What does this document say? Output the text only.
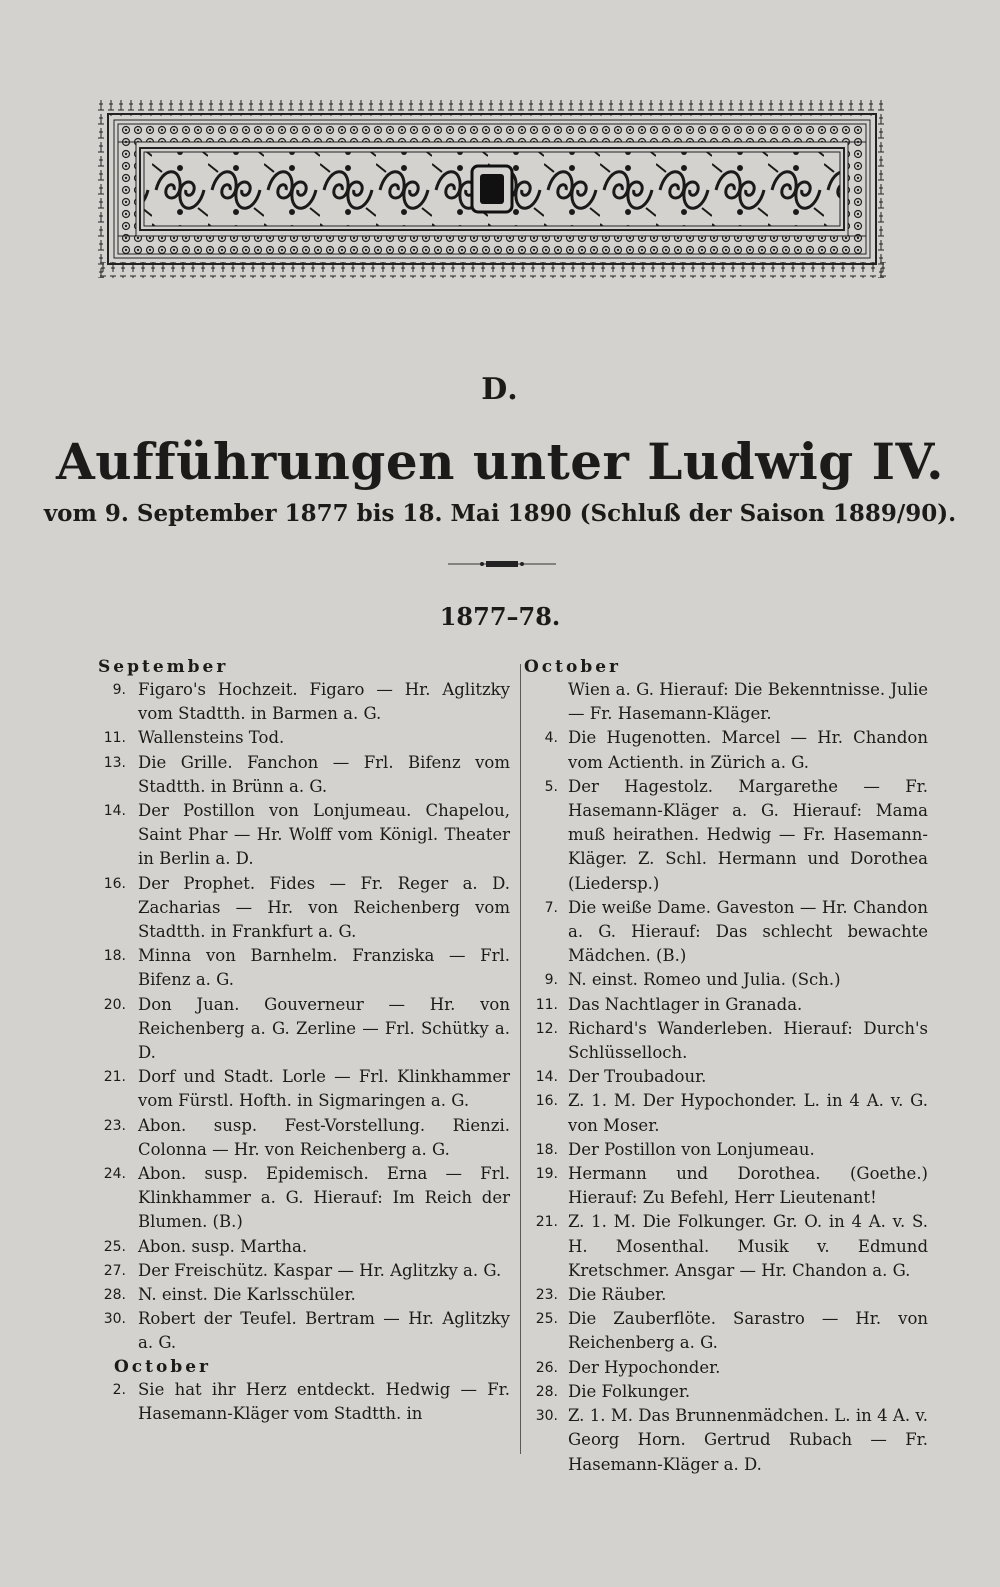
D.
Aufführungen unter Ludwig IV.
vom 9. September 1877 bis 18. Mai 1890 (Schluß der Saison 1889/90).
1877–78.
September
9. Figaro's Hochzeit. Figaro — Hr. Aglitzky vom Stadtth. in Barmen a. G.
11. Wallensteins Tod.
13. Die Grille. Fanchon — Frl. Bifenz vom Stadtth. in Brünn a. G.
14. Der Postillon von Lonjumeau. Chapelou, Saint Phar — Hr. Wolff vom Königl. Theater in Berlin a. D.
16. Der Prophet. Fides — Fr. Reger a. D. Zacharias — Hr. von Reichenberg vom Stadtth. in Frankfurt a. G.
18. Minna von Barnhelm. Franziska — Frl. Bifenz a. G.
20. Don Juan. Gouverneur — Hr. von Reichenberg a. G. Zerline — Frl. Schütky a. D.
21. Dorf und Stadt. Lorle — Frl. Klinkhammer vom Fürstl. Hofth. in Sigmaringen a. G.
23. Abon. susp. Fest-Vorstellung. Rienzi. Colonna — Hr. von Reichenberg a. G.
24. Abon. susp. Epidemisch. Erna — Frl. Klinkhammer a. G. Hierauf: Im Reich der Blumen. (B.)
25. Abon. susp. Martha.
27. Der Freischütz. Kaspar — Hr. Aglitzky a. G.
28. N. einst. Die Karlsschüler.
30. Robert der Teufel. Bertram — Hr. Aglitzky a. G.
October
2. Sie hat ihr Herz entdeckt. Hedwig — Fr. Hasemann-Kläger vom Stadtth. in
October
Wien a. G. Hierauf: Die Bekenntnisse. Julie — Fr. Hasemann-Kläger.
4. Die Hugenotten. Marcel — Hr. Chandon vom Actienth. in Zürich a. G.
5. Der Hagestolz. Margarethe — Fr. Hasemann-Kläger a. G. Hierauf: Mama muß heirathen. Hedwig — Fr. Hasemann-Kläger. Z. Schl. Hermann und Dorothea (Liedersp.)
7. Die weiße Dame. Gaveston — Hr. Chandon a. G. Hierauf: Das schlecht bewachte Mädchen. (B.)
9. N. einst. Romeo und Julia. (Sch.)
11. Das Nachtlager in Granada.
12. Richard's Wanderleben. Hierauf: Durch's Schlüsselloch.
14. Der Troubadour.
16. Z. 1. M. Der Hypochonder. L. in 4 A. v. G. von Moser.
18. Der Postillon von Lonjumeau.
19. Hermann und Dorothea. (Goethe.) Hierauf: Zu Befehl, Herr Lieutenant!
21. Z. 1. M. Die Folkunger. Gr. O. in 4 A. v. S. H. Mosenthal. Musik v. Edmund Kretschmer. Ansgar — Hr. Chandon a. G.
23. Die Räuber.
25. Die Zauberflöte. Sarastro — Hr. von Reichenberg a. G.
26. Der Hypochonder.
28. Die Folkunger.
30. Z. 1. M. Das Brunnenmädchen. L. in 4 A. v. Georg Horn. Gertrud Rubach — Fr. Hasemann-Kläger a. D.
